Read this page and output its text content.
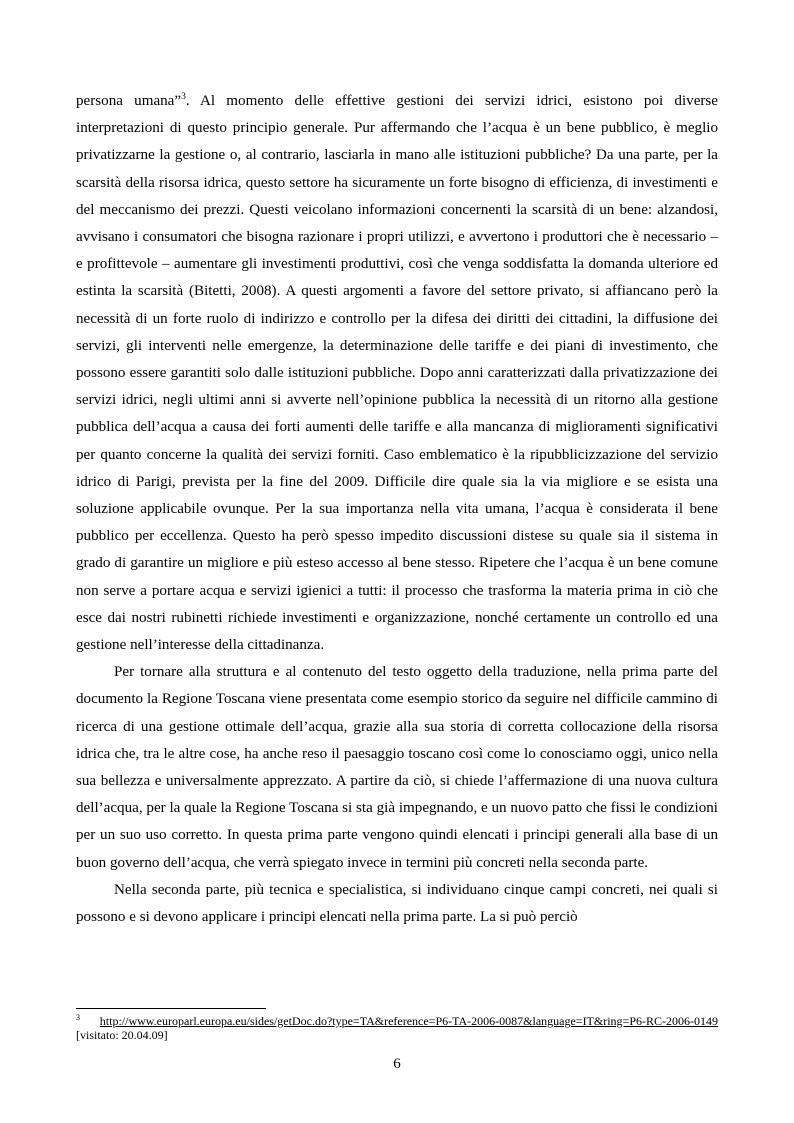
persona umana”$^3$. Al momento delle effettive gestioni dei servizi idrici, esistono poi diverse interpretazioni di questo principio generale. Pur affermando che l’acqua è un bene pubblico, è meglio privatizzarne la gestione o, al contrario, lasciarla in mano alle istituzioni pubbliche? Da una parte, per la scarsità della risorsa idrica, questo settore ha sicuramente un forte bisogno di efficienza, di investimenti e del meccanismo dei prezzi. Questi veicolano informazioni concernenti la scarsità di un bene: alzandosi, avvisano i consumatori che bisogna razionare i propri utilizzi, e avvertono i produttori che è necessario – e profittevole – aumentare gli investimenti produttivi, così che venga soddisfatta la domanda ulteriore ed estinta la scarsità (Bitetti, 2008). A questi argomenti a favore del settore privato, si affiancano però la necessità di un forte ruolo di indirizzo e controllo per la difesa dei diritti dei cittadini, la diffusione dei servizi, gli interventi nelle emergenze, la determinazione delle tariffe e dei piani di investimento, che possono essere garantiti solo dalle istituzioni pubbliche. Dopo anni caratterizzati dalla privatizzazione dei servizi idrici, negli ultimi anni si avverte nell’opinione pubblica la necessità di un ritorno alla gestione pubblica dell’acqua a causa dei forti aumenti delle tariffe e alla mancanza di miglioramenti significativi per quanto concerne la qualità dei servizi forniti. Caso emblematico è la ripubblicizzazione del servizio idrico di Parigi, prevista per la fine del 2009. Difficile dire quale sia la via migliore e se esista una soluzione applicabile ovunque. Per la sua importanza nella vita umana, l’acqua è considerata il bene pubblico per eccellenza. Questo ha però spesso impedito discussioni distese su quale sia il sistema in grado di garantire un migliore e più esteso accesso al bene stesso. Ripetere che l’acqua è un bene comune non serve a portare acqua e servizi igienici a tutti: il processo che trasforma la materia prima in ciò che esce dai nostri rubinetti richiede investimenti e organizzazione, nonché certamente un controllo ed una gestione nell’interesse della cittadinanza.

Per tornare alla struttura e al contenuto del testo oggetto della traduzione, nella prima parte del documento la Regione Toscana viene presentata come esempio storico da seguire nel difficile cammino di ricerca di una gestione ottimale dell’acqua, grazie alla sua storia di corretta collocazione della risorsa idrica che, tra le altre cose, ha anche reso il paesaggio toscano così come lo conosciamo oggi, unico nella sua bellezza e universalmente apprezzato. A partire da ciò, si chiede l’affermazione di una nuova cultura dell’acqua, per la quale la Regione Toscana si sta già impegnando, e un nuovo patto che fissi le condizioni per un suo uso corretto. In questa prima parte vengono quindi elencati i principi generali alla base di un buon governo dell’acqua, che verrà spiegato invece in termini più concreti nella seconda parte.

Nella seconda parte, più tecnica e specialistica, si individuano cinque campi concreti, nei quali si possono e si devono applicare i principi elencati nella prima parte. La si può perciò

$^3$ http://www.europarl.europa.eu/sides/getDoc.do?type=TA&reference=P6-TA-2006-0087&language=IT&ring=P6-RC-2006-0149 [visitato: 20.04.09]
6
